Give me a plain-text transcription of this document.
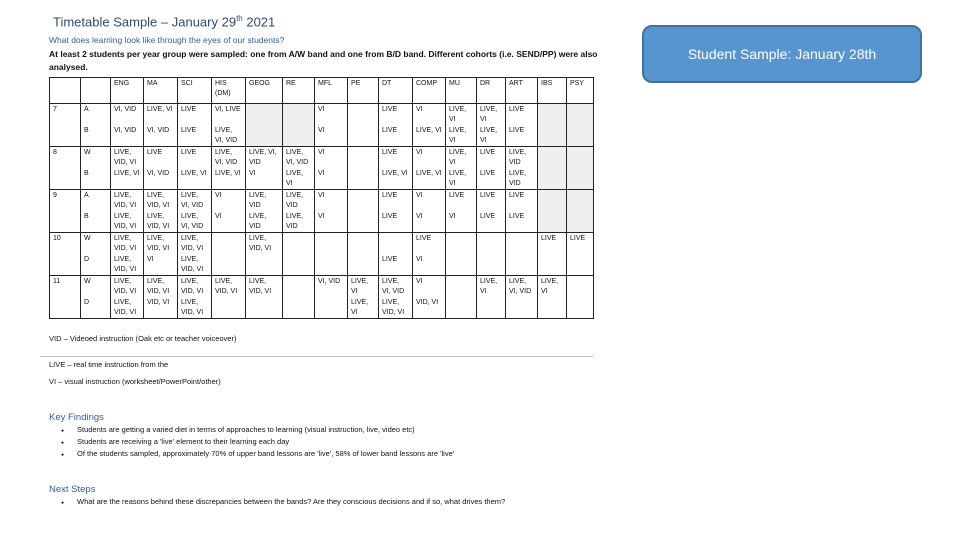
Timetable Sample – January 29th 2021
What does learning look like through the eyes of our students?
At least 2 students per year group were sampled: one from A/W band and one from B/D band. Different cohorts (i.e. SEND/PP) were also analysed.
		ENG	MA	SCI	HIS (DM)	GEOG	RE	MFL	PE	DT	COMP	MU	DR	ART	IBS	PSY
7	A	VI, VID	LIVE, VI	LIVE	VI, LIVE			VI		LIVE	VI	LIVE, VI	LIVE, VI	LIVE		
	B	VI, VID	VI, VID	LIVE	LIVE, VI, VID			VI		LIVE	LIVE, VI	LIVE, VI	LIVE, VI	LIVE		
8	W	LIVE, VID, VI	LIVE	LIVE	LIVE, VI, VID	LIVE, VI, VID	LIVE, VI, VID	VI		LIVE	VI	LIVE, VI	LIVE	LIVE, VID		
	B	LIVE, VI	VI, VID	LIVE, VI	LIVE, VI	VI	LIVE, VI	VI		LIVE, VI	LIVE, VI	LIVE, VI	LIVE	LIVE, VID		
9	A	LIVE, VID, VI	LIVE, VID, VI	LIVE, VI, VID	VI	LIVE, VID	LIVE, VID	VI		LIVE	VI	LIVE	LIVE	LIVE		
	B	LIVE, VID, VI	LIVE, VID, VI	LIVE, VI, VID	VI	LIVE, VID	LIVE, VID	VI		LIVE	VI	VI	LIVE	LIVE		
10	W	LIVE, VID, VI	LIVE, VID, VI	LIVE, VID, VI		LIVE, VID, VI					LIVE				LIVE	LIVE
	D	LIVE, VID, VI	VI	LIVE, VID, VI						LIVE	VI					
11	W	LIVE, VID, VI	LIVE, VID, VI	LIVE, VID, VI	LIVE, VID, VI	LIVE, VID, VI		VI, VID	LIVE, VI	LIVE, VI, VID	VI		LIVE, VI	LIVE, VI, VID	LIVE, VI	
	D	LIVE, VID, VI	VID, VI	LIVE, VID, VI					LIVE, VI	LIVE, VID, VI	VID, VI					
VID – Videoed instruction (Oak etc or teacher voiceover)
LIVE – real time instruction from the
VI – visual instruction (worksheet/PowerPoint/other)
Key Findings
● Students are getting a varied diet in terms of approaches to learning (visual instruction, live, video etc)
● Students are receiving a 'live' element to their learning each day
● Of the students sampled, approximately 70% of upper band lessons are 'live', 58% of lower band lessons are 'live'
Next Steps
● What are the reasons behind these discrepancies between the bands? Are they conscious decisions and if so, what drives them?
Student Sample: January 28th
